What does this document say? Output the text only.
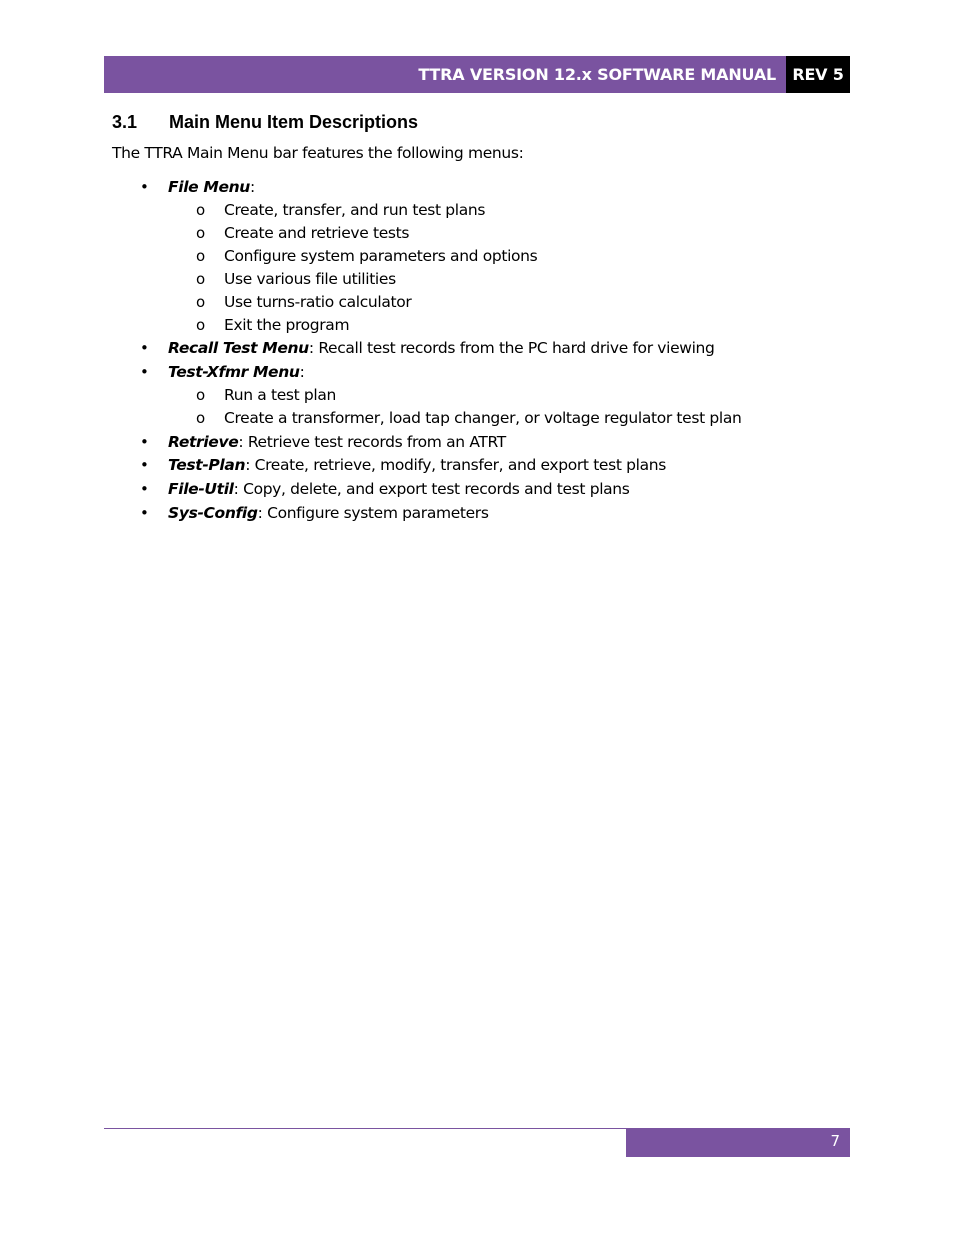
TTRA VERSION 12.x SOFTWARE MANUAL	REV 5
3.1 Main Menu Item Descriptions
The TTRA Main Menu bar features the following menus:
• File Menu:
o Create, transfer, and run test plans
o Create and retrieve tests
o Configure system parameters and options
o Use various file utilities
o Use turns-ratio calculator
o Exit the program
• Recall Test Menu: Recall test records from the PC hard drive for viewing
• Test-Xfmr Menu:
o Run a test plan
o Create a transformer, load tap changer, or voltage regulator test plan
• Retrieve: Retrieve test records from an ATRT
• Test-Plan: Create, retrieve, modify, transfer, and export test plans
• File-Util: Copy, delete, and export test records and test plans
• Sys-Config: Configure system parameters
7
